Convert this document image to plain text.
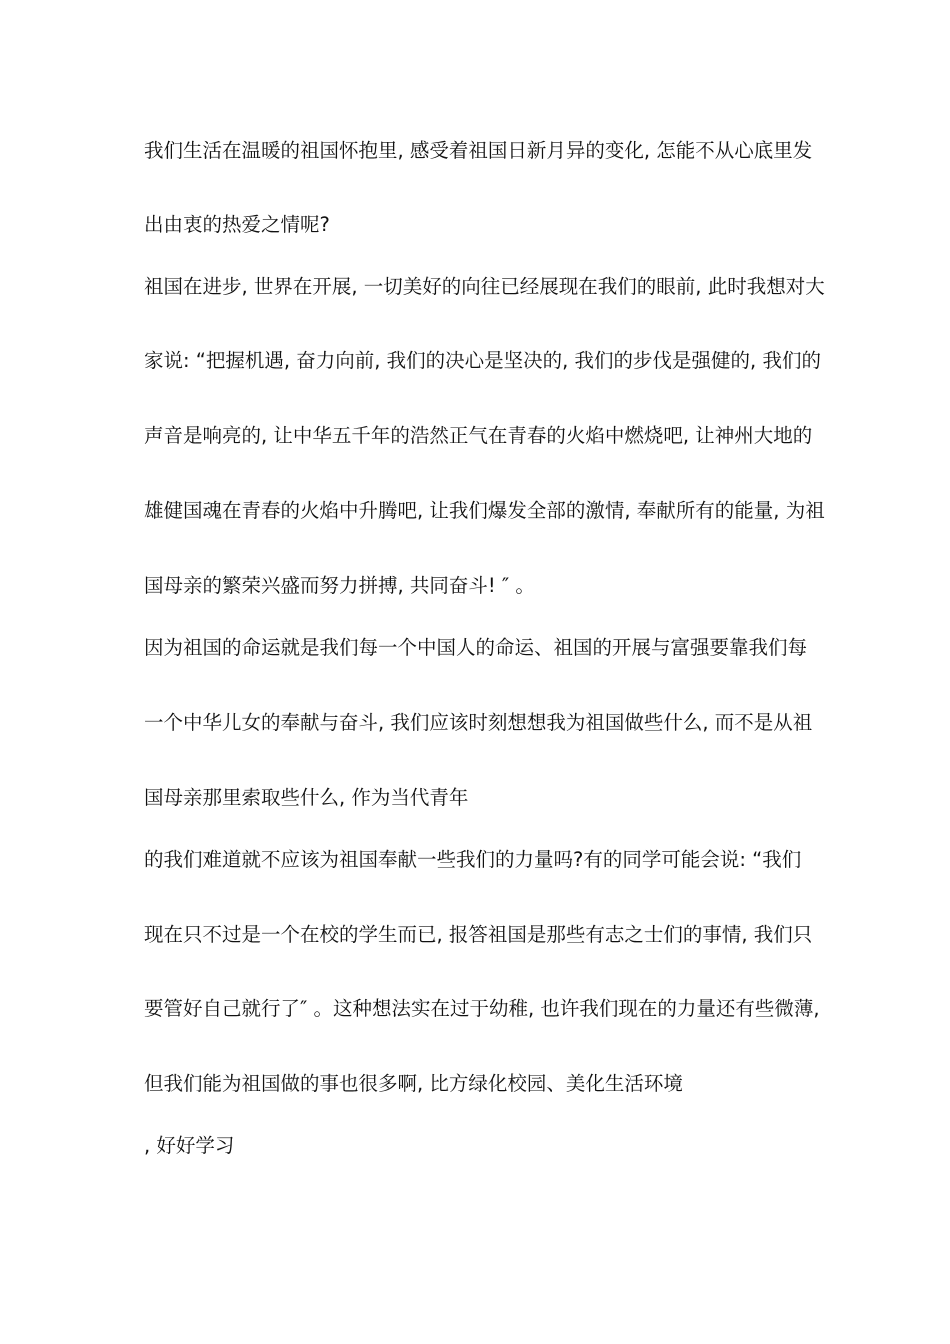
我们生活在温暖的祖国怀抱里, 感受着祖国日新月异的变化, 怎能不从心底里发

出由衷的热爱之情呢?

祖国在进步, 世界在开展, 一切美好的向往已经展现在我们的眼前, 此时我想对大

家说: “把握机遇, 奋力向前, 我们的决心是坚决的, 我们的步伐是强健的, 我们的

声音是响亮的, 让中华五千年的浩然正气在青春的火焰中燃烧吧, 让神州大地的

雄健国魂在青春的火焰中升腾吧, 让我们爆发全部的激情, 奉献所有的能量, 为祖

国母亲的繁荣兴盛而努力拼搏, 共同奋斗! ″ 。

因为祖国的命运就是我们每一个中国人的命运、祖国的开展与富强要靠我们每

一个中华儿女的奉献与奋斗, 我们应该时刻想想我为祖国做些什么, 而不是从祖

国母亲那里索取些什么, 作为当代青年

的我们难道就不应该为祖国奉献一些我们的力量吗?有的同学可能会说: “我们

现在只不过是一个在校的学生而已, 报答祖国是那些有志之士们的事情, 我们只

要管好自己就行了″ 。这种想法实在过于幼稚, 也许我们现在的力量还有些微薄,

但我们能为祖国做的事也很多啊, 比方绿化校园、美化生活环境

, 好好学习
